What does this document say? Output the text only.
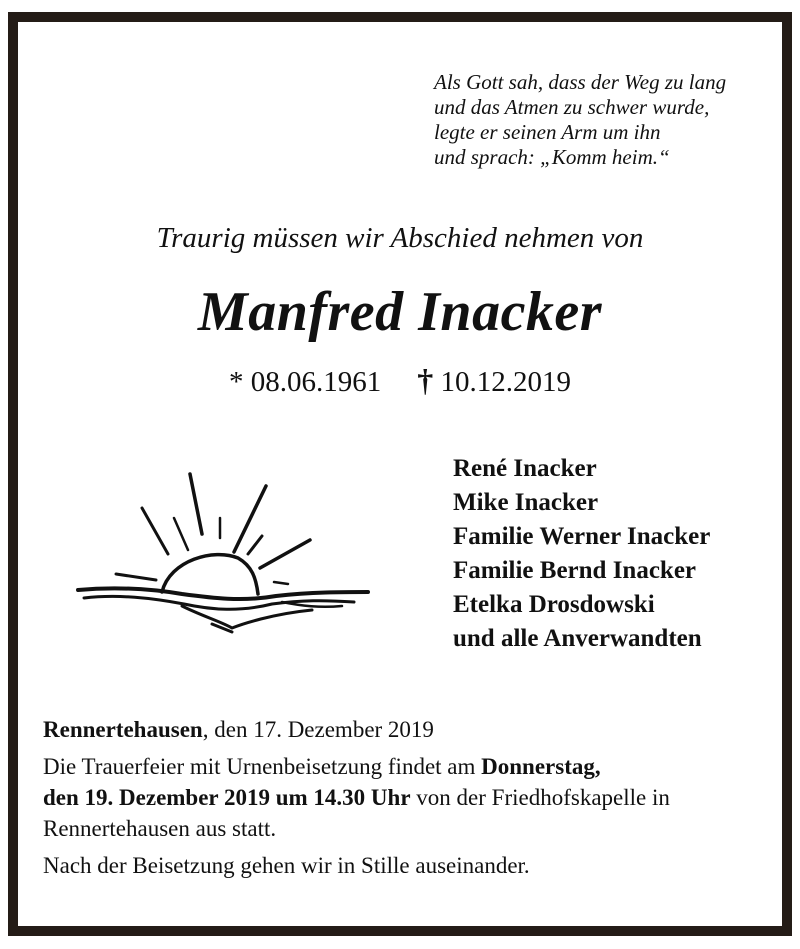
Als Gott sah, dass der Weg zu lang
und das Atmen zu schwer wurde,
legte er seinen Arm um ihn
und sprach: „Komm heim.“
Traurig müssen wir Abschied nehmen von
Manfred Inacker
* 08.06.1961 † 10.12.2019
René Inacker
Mike Inacker
Familie Werner Inacker
Familie Bernd Inacker
Etelka Drosdowski
und alle Anverwandten

Rennertehausen, den 17. Dezember 2019

Die Trauerfeier mit Urnenbeisetzung findet am Donnerstag,
den 19. Dezember 2019 um 14.30 Uhr von der Friedhofskapelle in Rennertehausen aus statt.

Nach der Beisetzung gehen wir in Stille auseinander.
